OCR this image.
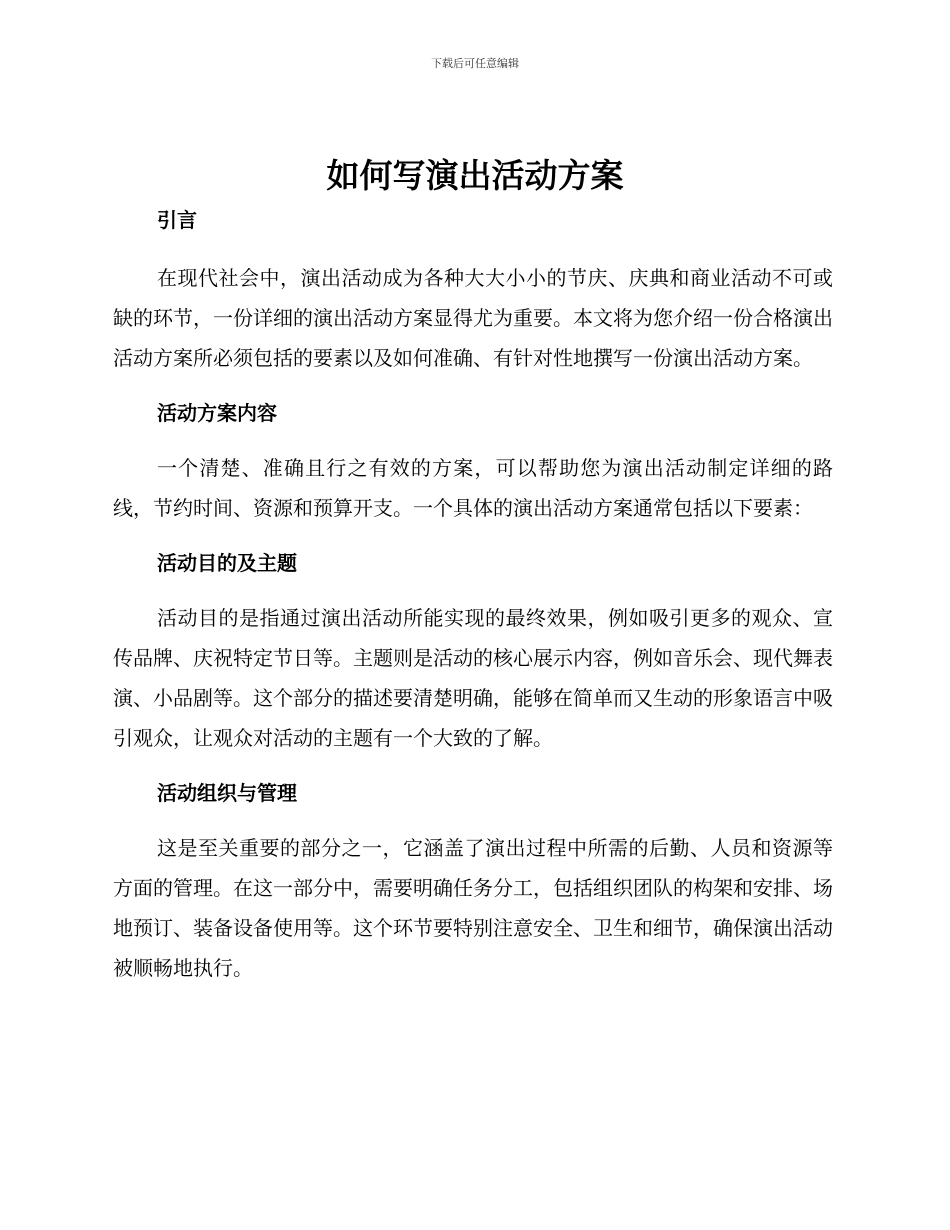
下载后可任意编辑
如何写演出活动方案
引言

在现代社会中，演出活动成为各种大大小小的节庆、庆典和商业活动不可或缺的环节，一份详细的演出活动方案显得尤为重要。本文将为您介绍一份合格演出活动方案所必须包括的要素以及如何准确、有针对性地撰写一份演出活动方案。

活动方案内容

一个清楚、准确且行之有效的方案，可以帮助您为演出活动制定详细的路线，节约时间、资源和预算开支。一个具体的演出活动方案通常包括以下要素：

活动目的及主题

活动目的是指通过演出活动所能实现的最终效果，例如吸引更多的观众、宣传品牌、庆祝特定节日等。主题则是活动的核心展示内容，例如音乐会、现代舞表演、小品剧等。这个部分的描述要清楚明确，能够在简单而又生动的形象语言中吸引观众，让观众对活动的主题有一个大致的了解。

活动组织与管理

这是至关重要的部分之一，它涵盖了演出过程中所需的后勤、人员和资源等方面的管理。在这一部分中，需要明确任务分工，包括组织团队的构架和安排、场地预订、装备设备使用等。这个环节要特别注意安全、卫生和细节，确保演出活动被顺畅地执行。
